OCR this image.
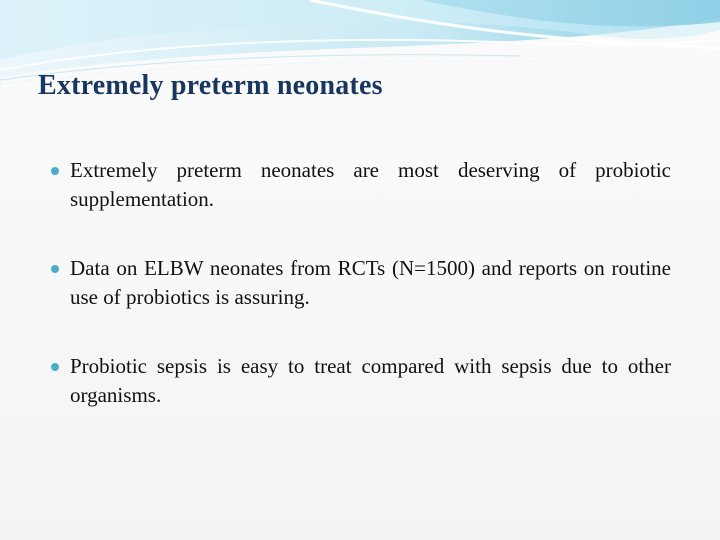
Extremely preterm neonates
Extremely preterm neonates are most deserving of probiotic supplementation.
Data on ELBW neonates from RCTs (N=1500) and reports on routine use of probiotics is assuring.
Probiotic sepsis is easy to treat compared with sepsis due to other organisms.
